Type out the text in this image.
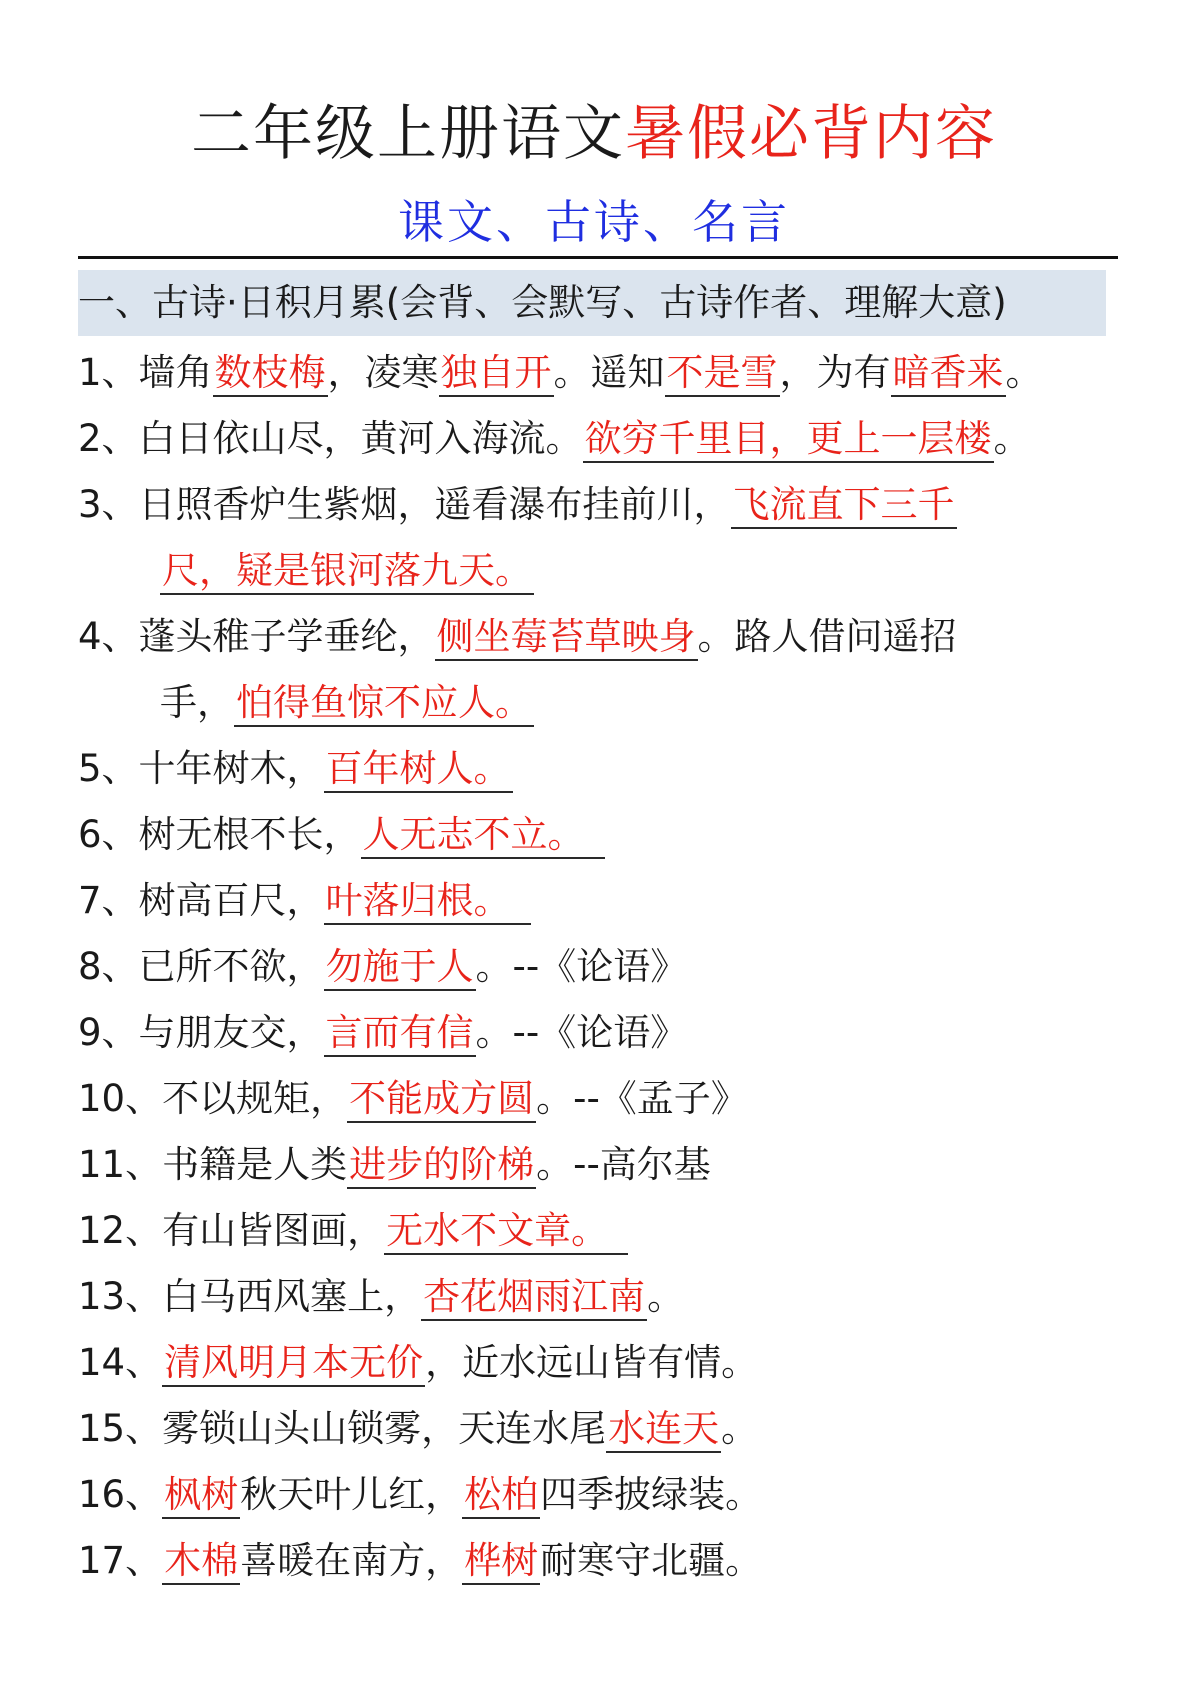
二年级上册语文暑假必背内容
课文、古诗、名言
一、古诗·日积月累(会背、会默写、古诗作者、理解大意)
1、墙角数枝梅，凌寒独自开。遥知不是雪，为有暗香来。
2、白日依山尽，黄河入海流。欲穷千里目，更上一层楼。
3、日照香炉生紫烟，遥看瀑布挂前川，飞流直下三千
尺，疑是银河落九天。
4、蓬头稚子学垂纶，侧坐莓苔草映身。路人借问遥招
手，怕得鱼惊不应人。
5、十年树木，百年树人。
6、树无根不长，人无志不立。
7、树高百尺，叶落归根。
8、已所不欲，勿施于人。--《论语》
9、与朋友交，言而有信。--《论语》
10、不以规矩，不能成方圆。--《孟子》
11、书籍是人类进步的阶梯。--高尔基
12、有山皆图画，无水不文章。
13、白马西风塞上，杏花烟雨江南。
14、清风明月本无价，近水远山皆有情。
15、雾锁山头山锁雾，天连水尾水连天。
16、枫树秋天叶儿红，松柏四季披绿装。
17、木棉喜暖在南方，桦树耐寒守北疆。
